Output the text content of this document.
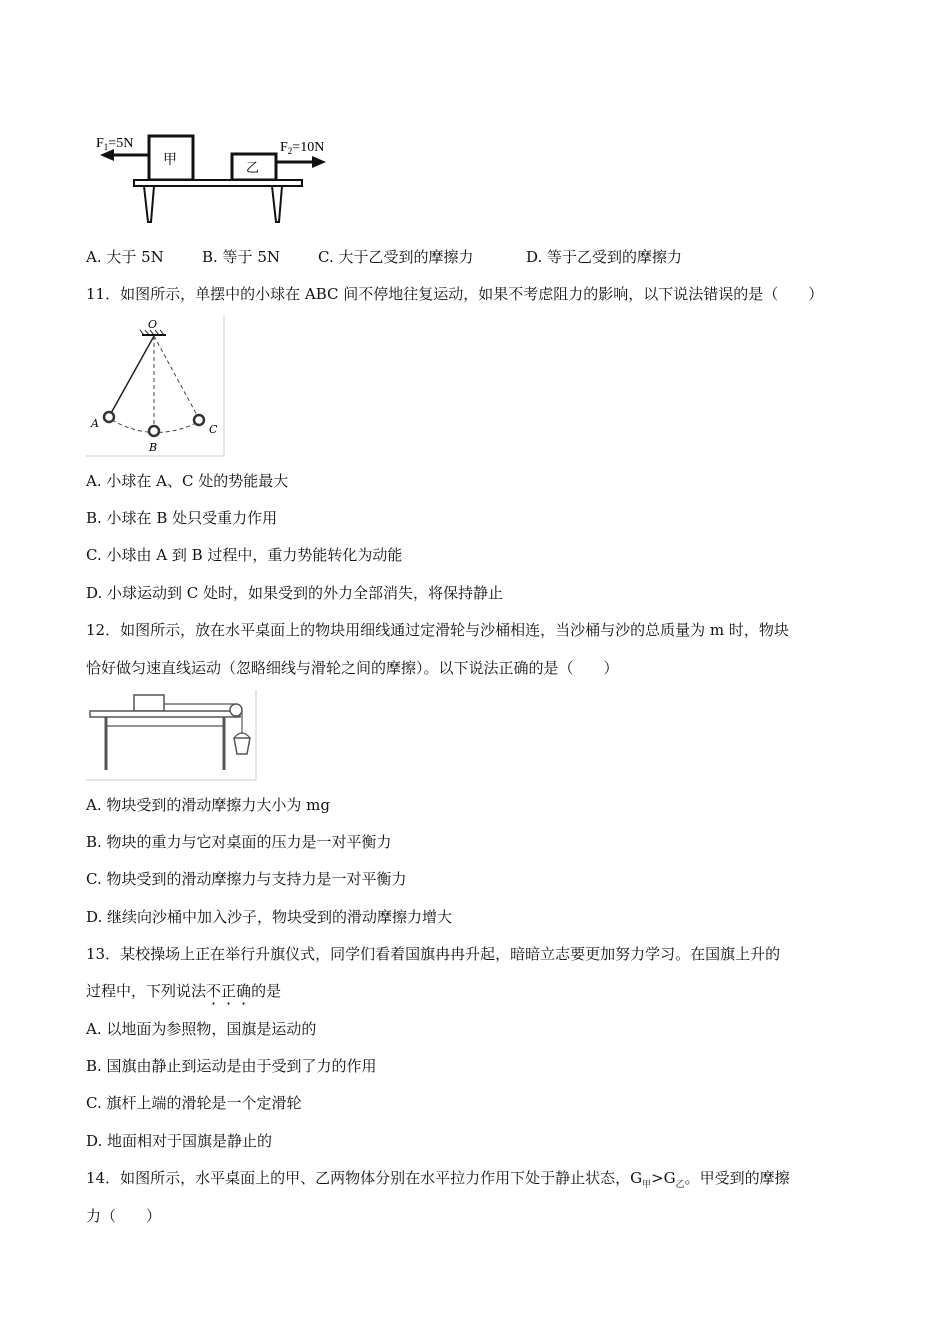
$F_1=5N$
甲
乙
$F_2=10N$
A. 大于 5N	B. 等于 5N	C. 大于乙受到的摩擦力	D. 等于乙受到的摩擦力
11．如图所示，单摆中的小球在 ABC 间不停地往复运动，如果不考虑阻力的影响，以下说法错误的是（　　）
O
A
B
C
A. 小球在 A、C 处的势能最大
B. 小球在 B 处只受重力作用
C. 小球由 A 到 B 过程中，重力势能转化为动能
D. 小球运动到 C 处时，如果受到的外力全部消失，将保持静止
12．如图所示，放在水平桌面上的物块用细线通过定滑轮与沙桶相连，当沙桶与沙的总质量为 m 时，物块
恰好做匀速直线运动（忽略细线与滑轮之间的摩擦）。以下说法正确的是（　　）
A. 物块受到的滑动摩擦力大小为 mg
B. 物块的重力与它对桌面的压力是一对平衡力
C. 物块受到的滑动摩擦力与支持力是一对平衡力
D. 继续向沙桶中加入沙子，物块受到的滑动摩擦力增大
13．某校操场上正在举行升旗仪式，同学们看着国旗冉冉升起，暗暗立志要更加努力学习。在国旗上升的
过程中，下列说法不正确的是
A. 以地面为参照物，国旗是运动的
B. 国旗由静止到运动是由于受到了力的作用
C. 旗杆上端的滑轮是一个定滑轮
D. 地面相对于国旗是静止的
14．如图所示，水平桌面上的甲、乙两物体分别在水平拉力作用下处于静止状态，$G_甲>G_乙$。甲受到的摩擦
力（　　）
